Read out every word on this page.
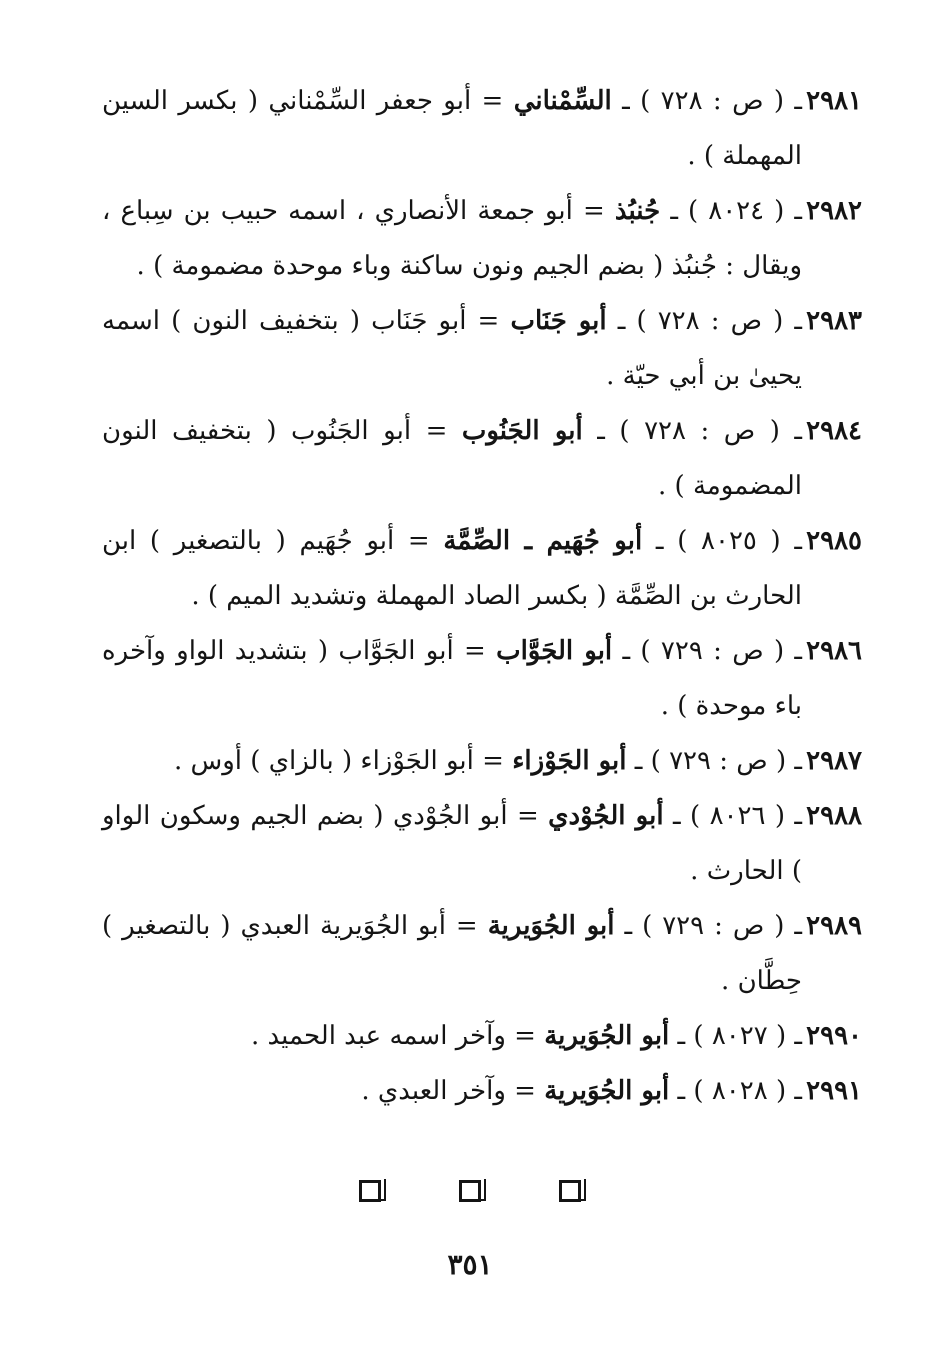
٢٩٨١
ـ ( ص : ٧٢٨ ) ـ السِّمْناني = أبو جعفر السِّمْناني ( بكسر السين المهملة ) .
٢٩٨٢
ـ ( ٨٠٢٤ ) ـ جُنبُذ = أبو جمعة الأنصاري ، اسمه حبيب بن سِباع ، ويقال : جُنبُذ ( بضم الجيم ونون ساكنة وباء موحدة مضمومة ) .
٢٩٨٣
ـ ( ص : ٧٢٨ ) ـ أبو جَنَاب = أبو جَنَاب ( بتخفيف النون ) اسمه يحيىٰ بن أبي حيّة .
٢٩٨٤
ـ ( ص : ٧٢٨ ) ـ أبو الجَنُوب = أبو الجَنُوب ( بتخفيف النون المضمومة ) .
٢٩٨٥
ـ ( ٨٠٢٥ ) ـ أبو جُهَيم ـ الصِّمَّة = أبو جُهَيم ( بالتصغير ) ابن الحارث بن الصِّمَّة ( بكسر الصاد المهملة وتشديد الميم ) .
٢٩٨٦
ـ ( ص : ٧٢٩ ) ـ أبو الجَوَّاب = أبو الجَوَّاب ( بتشديد الواو وآخره باء موحدة ) .
٢٩٨٧
ـ ( ص : ٧٢٩ ) ـ أبو الجَوْزاء = أبو الجَوْزاء ( بالزاي ) أوس .
٢٩٨٨
ـ ( ٨٠٢٦ ) ـ أبو الجُوْدي = أبو الجُوْدي ( بضم الجيم وسكون الواو ) الحارث .
٢٩٨٩
ـ ( ص : ٧٢٩ ) ـ أبو الجُوَيرية = أبو الجُوَيرية العبدي ( بالتصغير ) حِطَّان .
٢٩٩٠
ـ ( ٨٠٢٧ ) ـ أبو الجُوَيرية = وآخر اسمه عبد الحميد .
٢٩٩١
ـ ( ٨٠٢٨ ) ـ أبو الجُوَيرية = وآخر العبدي .
٣٥١
